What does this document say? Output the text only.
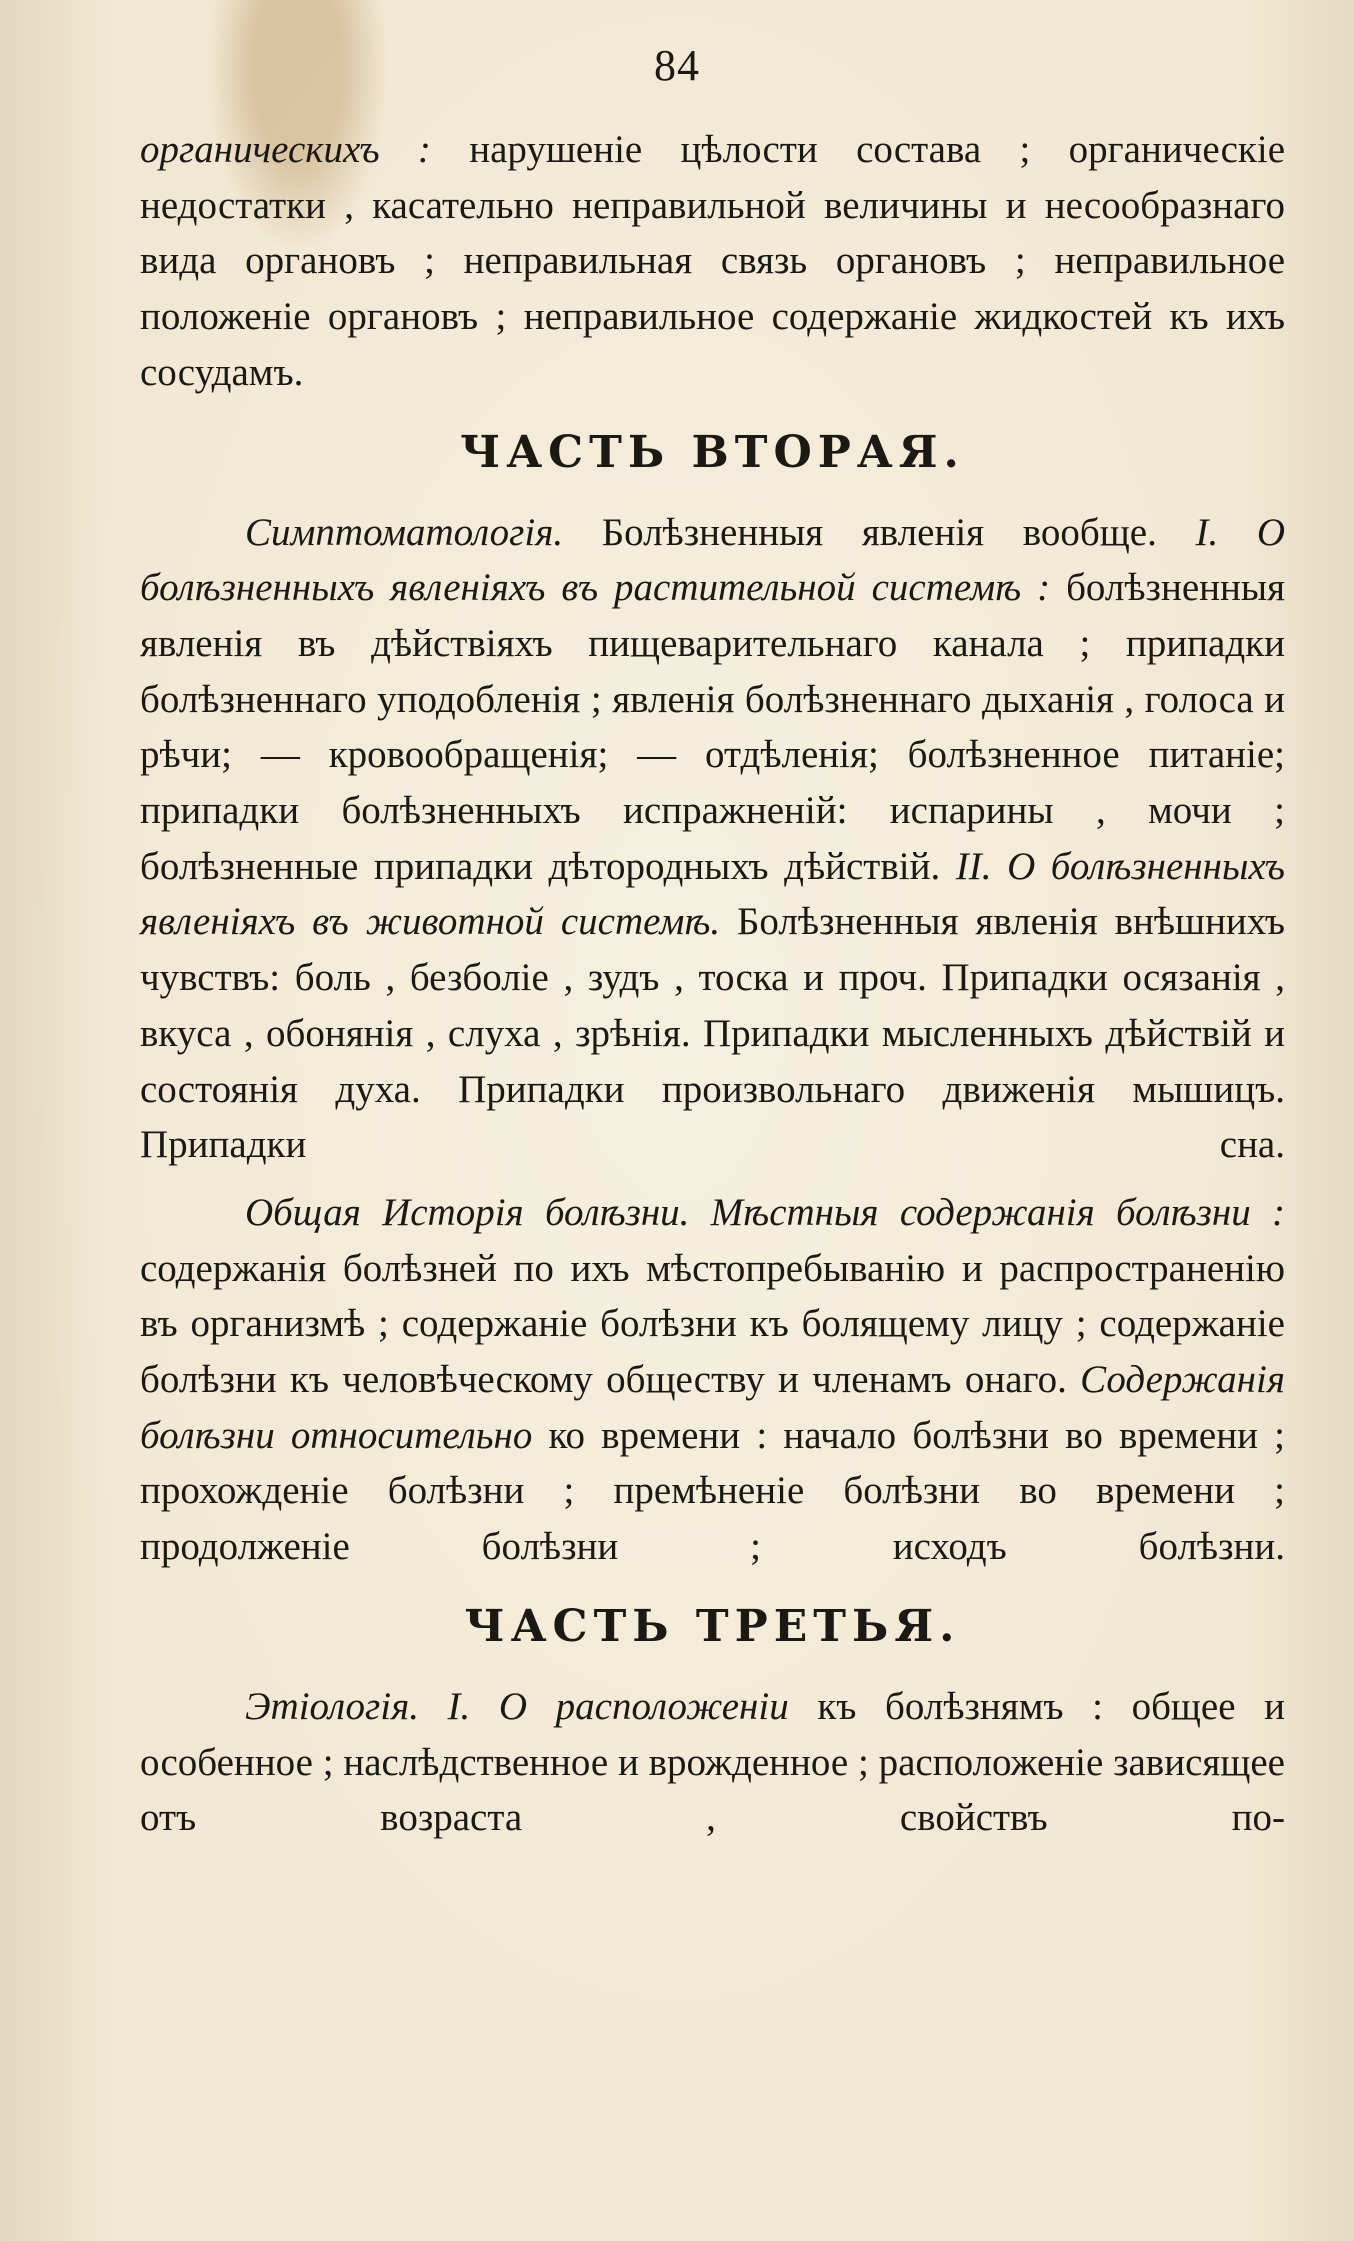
84

органическихъ : нарушеніе цѣлости состава ; органическіе недостатки , касательно неправильной величины и несообразнаго вида органовъ ; неправильная связь органовъ ; неправильное положеніе органовъ ; неправильное содержаніе жидкостей къ ихъ сосудамъ.

ЧАСТЬ ВТОРАЯ.

Симптоматологія. Болѣзненныя явленія вообще. I. О болѣзненныхъ явленіяхъ въ растительной системѣ : болѣзненныя явленія въ дѣйствіяхъ пищеварительнаго канала ; припадки болѣзненнаго уподобленія ; явленія болѣзненнаго дыханія , голоса и рѣчи; — кровообращенія; — отдѣленія; болѣзненное питаніе; припадки болѣзненныхъ испражненій: испарины , мочи ; болѣзненные припадки дѣтородныхъ дѣйствій. II. О болѣзненныхъ явленіяхъ въ животной системѣ. Болѣзненныя явленія внѣшнихъ чувствъ: боль , безболіе , зудъ , тоска и проч. Припадки осязанія , вкуса , обонянія , слуха , зрѣнія. Припадки мысленныхъ дѣйствій и состоянія духа. Припадки произвольнаго движенія мышицъ. Припадки сна.

Общая Исторія болѣзни. Мѣстныя содержанія болѣзни : содержанія болѣзней по ихъ мѣстопребыванію и распространенію въ организмѣ ; содержаніе болѣзни къ болящему лицу ; содержаніе болѣзни къ человѣческому обществу и членамъ онаго. Содержанія болѣзни относительно ко времени : начало болѣзни во времени ; прохожденіе болѣзни ; премѣненіе болѣзни во времени ; продолженіе болѣзни ; исходъ болѣзни.

ЧАСТЬ ТРЕТЬЯ.

Этіологія. I. О расположеніи къ болѣзнямъ : общее и особенное ; наслѣдственное и врожденное ; расположеніе зависящее отъ возраста , свойствъ по-
